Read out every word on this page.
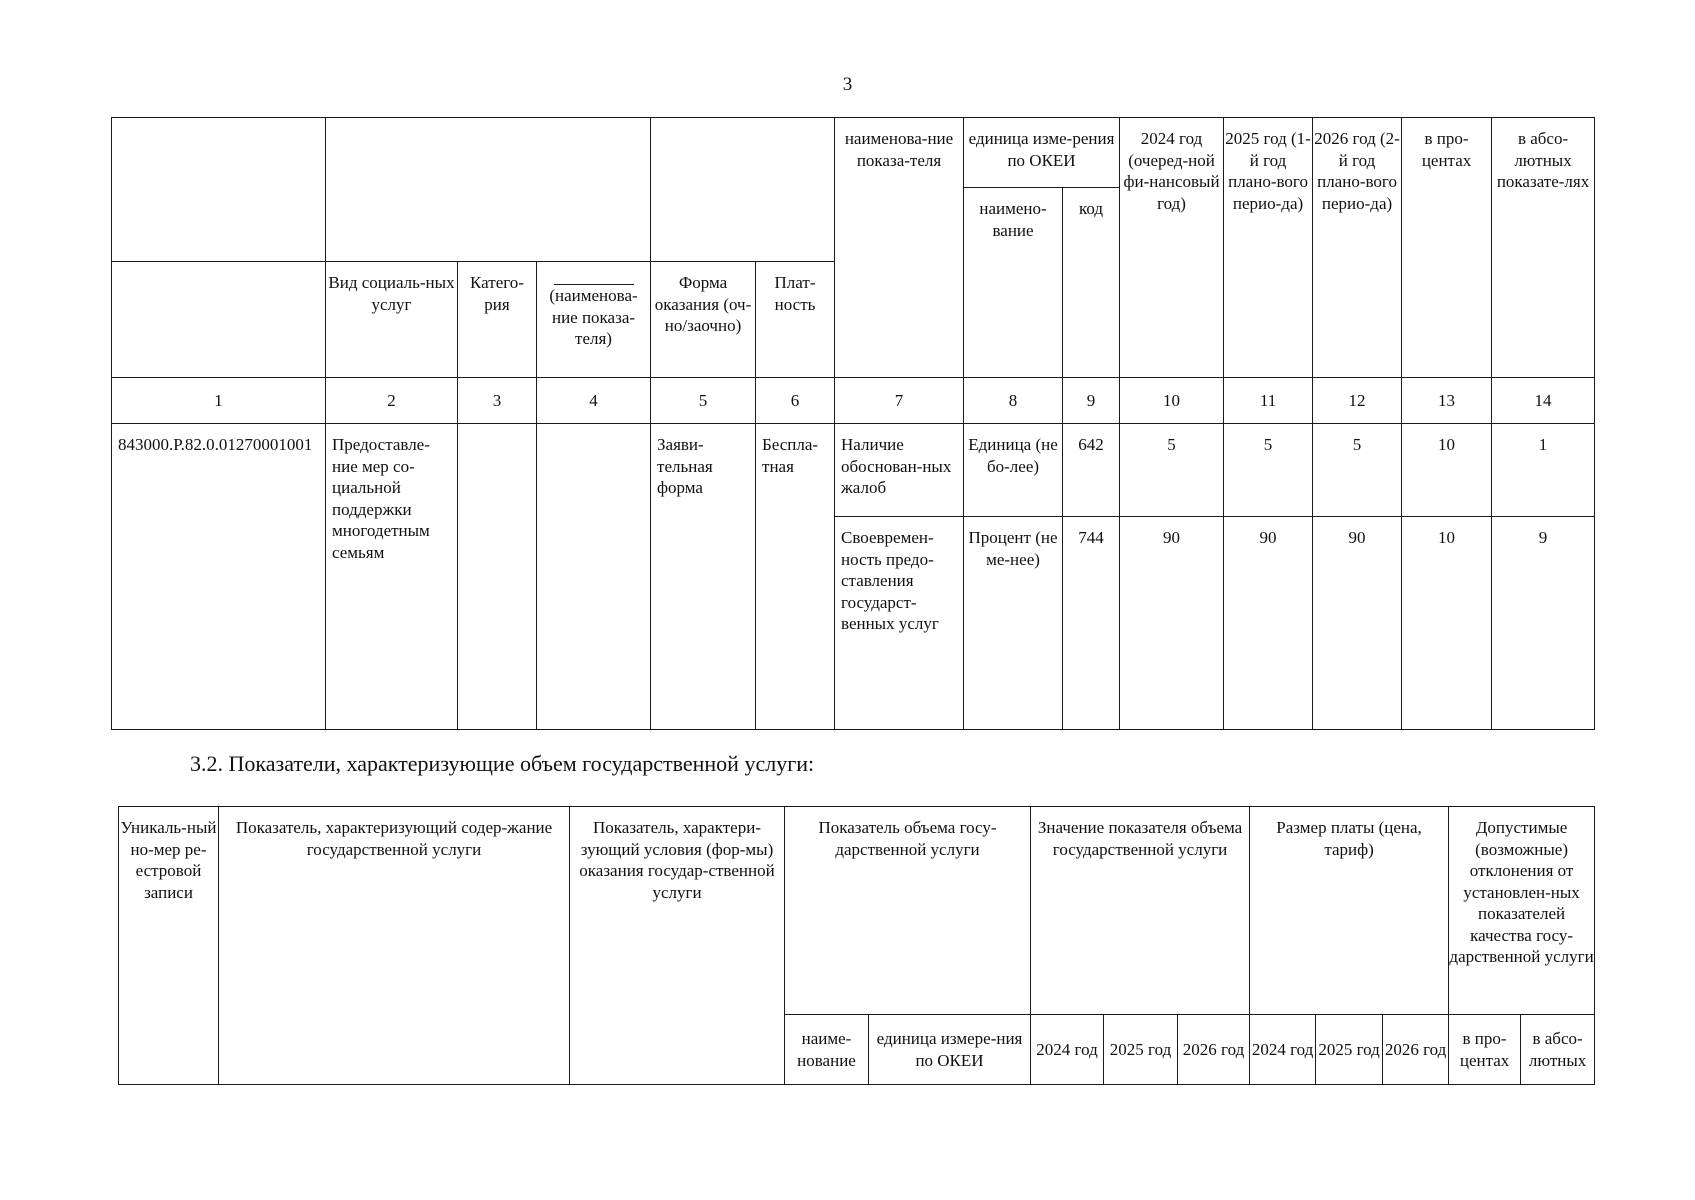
3
						наименова-ние показа-теля	единица изме-рения по ОКЕИ		2024 год (очеред-ной фи-нансовый год)	2025 год (1-й год плано-вого перио-да)	2026 год (2-й год плано-вого перио-да)	в про-центах	в абсо-лютных показате-лях
							наимено-вание	код					
	Вид социаль-ных услуг	Катего-рия	(наименова-ние показа-теля)	Форма оказания (оч-но/заочно)	Плат-ность								
1	2	3	4	5	6	7	8	9	10	11	12	13	14
843000.Р.82.0.01270001001	Предоставле-ние мер со-циальной поддержки многодетным семьям			Заяви-тельная форма	Беспла-тная	Наличие обоснован-ных жалоб	Единица (не бо-лее)	642	5	5	5	10	1
						Своевремен-ность предо-ставления государст-венных услуг	Процент (не ме-нее)	744	90	90	90	10	9
3.2. Показатели, характеризующие объем государственной услуги:
Уникаль-ный но-мер ре-естровой записи	Показатель, характеризующий содер-жание государственной услуги	Показатель, характери-зующий условия (фор-мы) оказания государ-ственной услуги	Показатель объема госу-дарственной услуги		Значение показателя объема государственной услуги			Размер платы (цена, тариф)			Допустимые (возможные) отклонения от установлен-ных показателей качества госу-дарственной услуги	
			наиме-нование	единица измере-ния по ОКЕИ	2024 год	2025 год	2026 год	2024 год	2025 год	2026 год	в про-центах	в абсо-лютных
